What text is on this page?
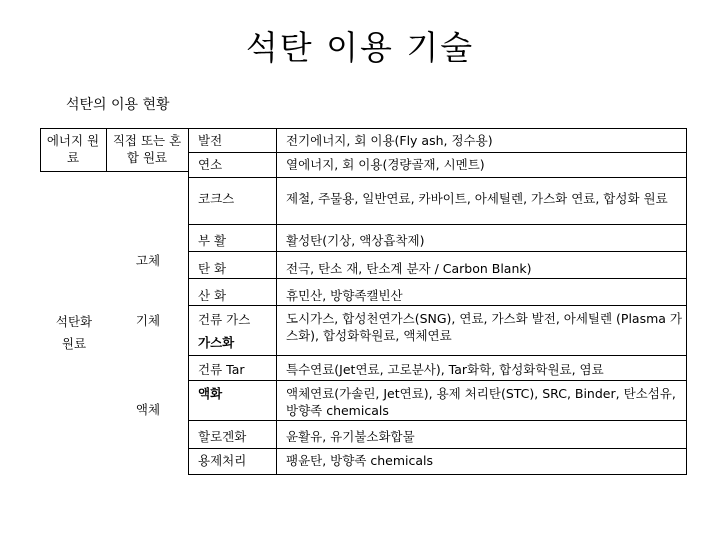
석탄 이용 기술
석탄의 이용 현황
에너지 원료
직접 또는 혼합 원료
석탄화 원료
고체
기체
액체
발전
연소
코크스
부 활
탄 화
산 화
건류 가스
가스화
건류 Tar
액화
할로겐화
용제처리
전기에너지, 회 이용(Fly ash, 정수용)
열에너지, 회 이용(경량골재, 시멘트)
제철, 주물용, 일반연료, 카바이트, 아세틸렌, 가스화 연료, 합성화 원료
활성탄(기상, 액상흡착제)
전극, 탄소 재, 탄소계 분자 / Carbon Blank)
휴민산, 방향족캘빈산
도시가스, 합성천연가스(SNG), 연료, 가스화 발전, 아세틸렌 (Plasma 가스화), 합성화학원료, 액체연료
특수연료(Jet연료, 고로분사), Tar화학, 합성화학원료, 염료
액체연료(가솔린, Jet연료), 용제 처리탄(STC), SRC, Binder, 탄소섬유, 방향족 chemicals
윤활유, 유기불소화합물
팽윤탄, 방향족 chemicals
